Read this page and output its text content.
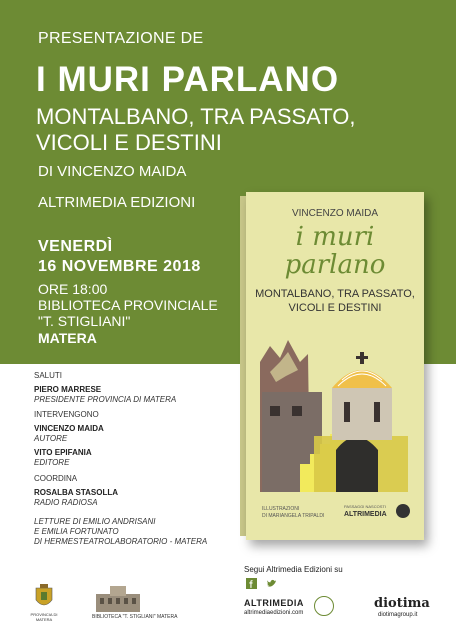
PRESENTAZIONE DE
I MURI PARLANO
MONTALBANO, TRA PASSATO,
VICOLI E DESTINI
DI VINCENZO MAIDA
ALTRIMEDIA EDIZIONI
VENERDÌ
16 NOVEMBRE 2018
ORE 18:00
BIBLIOTECA PROVINCIALE
"T. STIGLIANI"
MATERA
SALUTI
PIERO MARRESE
PRESIDENTE PROVINCIA DI MATERA
INTERVENGONO
VINCENZO MAIDA
AUTORE
VITO EPIFANIA
EDITORE
COORDINA
ROSALBA STASOLLA
RADIO RADIOSA
LETTURE DI EMILIO ANDRISANI
E EMILIA FORTUNATO
DI HERMESTEATROLABORATORIO - MATERA
VINCENZO MAIDA
i muri
parlano
MONTALBANO, TRA PASSATO,
VICOLI E DESTINI
ILLUSTRAZIONI
DI MARIANGELA TRIPALDI
PASSAGGI NASCOSTI
ALTRIMEDIA
Segui Altrimedia Edizioni su
ALTRIMEDIA
altrimediaedizioni.com
diotima
diotimagroup.it
PROVINCIA DI MATERA	BIBLIOTECA "T. STIGLIANI" MATERA
